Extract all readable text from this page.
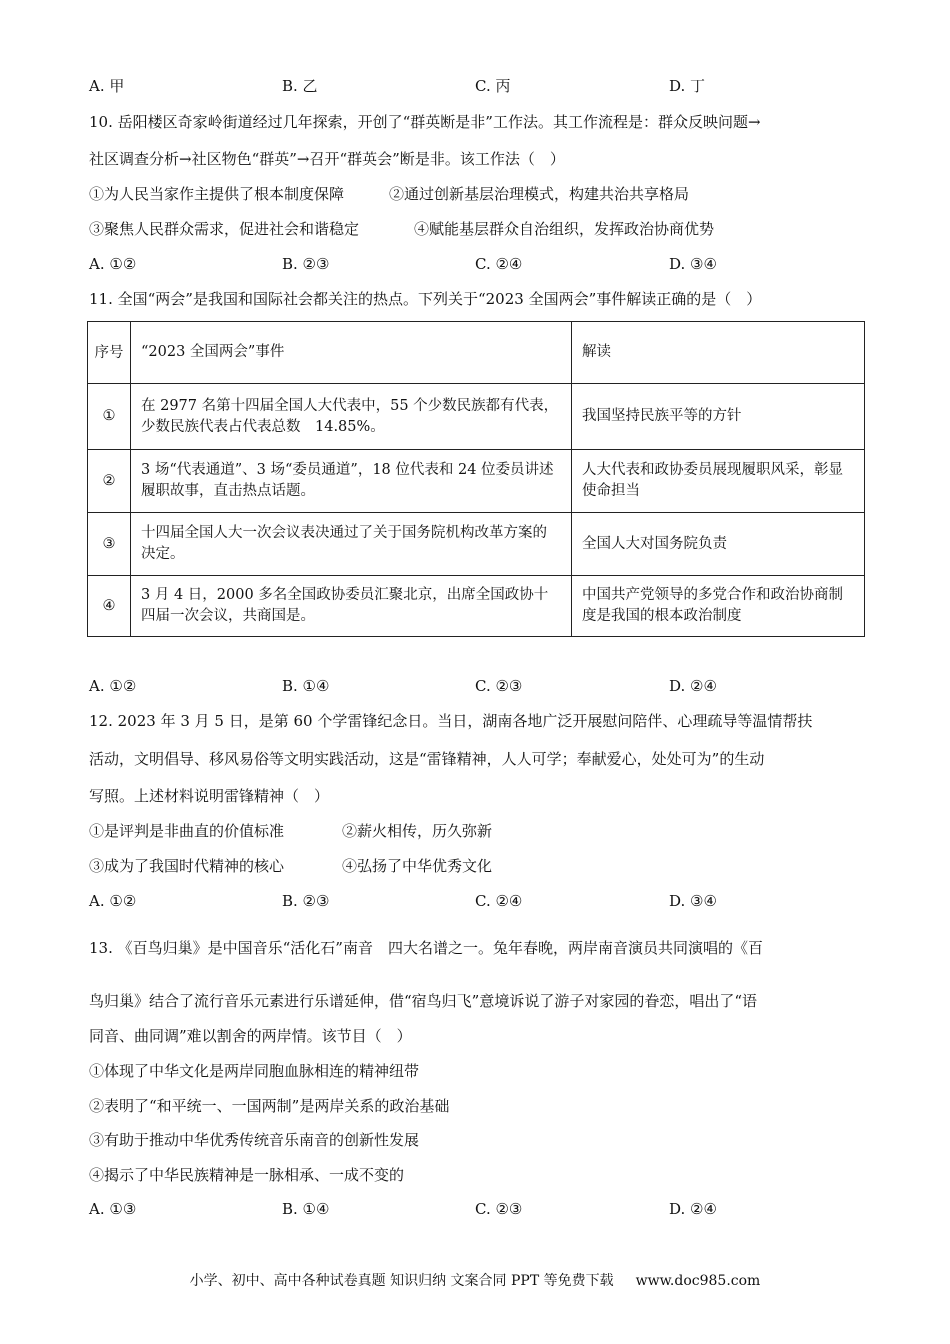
A. 甲	B. 乙	C. 丙	D. 丁
10. 岳阳楼区奇家岭街道经过几年探索，开创了“群英断是非”工作法。其工作流程是：群众反映问题→
社区调查分析→社区物色“群英”→召开“群英会”断是非。该工作法（　）
①为人民当家作主提供了根本制度保障	②通过创新基层治理模式，构建共治共享格局
③聚焦人民群众需求，促进社会和谐稳定	④赋能基层群众自治组织，发挥政治协商优势
A. ①②	B. ②③	C. ②④	D. ③④
11. 全国“两会”是我国和国际社会都关注的热点。下列关于“2023 全国两会”事件解读正确的是（　）
序号	“2023 全国两会”事件	解读
①	在 2977 名第十四届全国人大代表中，55 个少数民族都有代表，少数民族代表占代表总数　14.85%。	我国坚持民族平等的方针
②	3 场“代表通道”、3 场“委员通道”，18 位代表和 24 位委员讲述履职故事，直击热点话题。	人大代表和政协委员展现履职风采，彰显使命担当
③	十四届全国人大一次会议表决通过了关于国务院机构改革方案的决定。	全国人大对国务院负责
④	3 月 4 日，2000 多名全国政协委员汇聚北京，出席全国政协十四届一次会议，共商国是。	中国共产党领导的多党合作和政治协商制度是我国的根本政治制度
A. ①②	B. ①④	C. ②③	D. ②④
12. 2023 年 3 月 5 日，是第 60 个学雷锋纪念日。当日，湖南各地广泛开展慰问陪伴、心理疏导等温情帮扶
活动，文明倡导、移风易俗等文明实践活动，这是“雷锋精神，人人可学；奉献爱心，处处可为”的生动
写照。上述材料说明雷锋精神（　）
①是评判是非曲直的价值标准	②薪火相传，历久弥新
③成为了我国时代精神的核心	④弘扬了中华优秀文化
A. ①②	B. ②③	C. ②④	D. ③④
13. 《百鸟归巢》是中国音乐“活化石”南音　四大名谱之一。兔年春晚，两岸南音演员共同演唱的《百
鸟归巢》结合了流行音乐元素进行乐谱延伸，借“宿鸟归飞”意境诉说了游子对家园的眷恋，唱出了“语
同音、曲同调”难以割舍的两岸情。该节目（　）
①体现了中华文化是两岸同胞血脉相连的精神纽带
②表明了“和平统一、一国两制”是两岸关系的政治基础
③有助于推动中华优秀传统音乐南音的创新性发展
④揭示了中华民族精神是一脉相承、一成不变的
A. ①③	B. ①④	C. ②③	D. ②④
小学、初中、高中各种试卷真题 知识归纳 文案合同 PPT 等免费下载 www.doc985.com
